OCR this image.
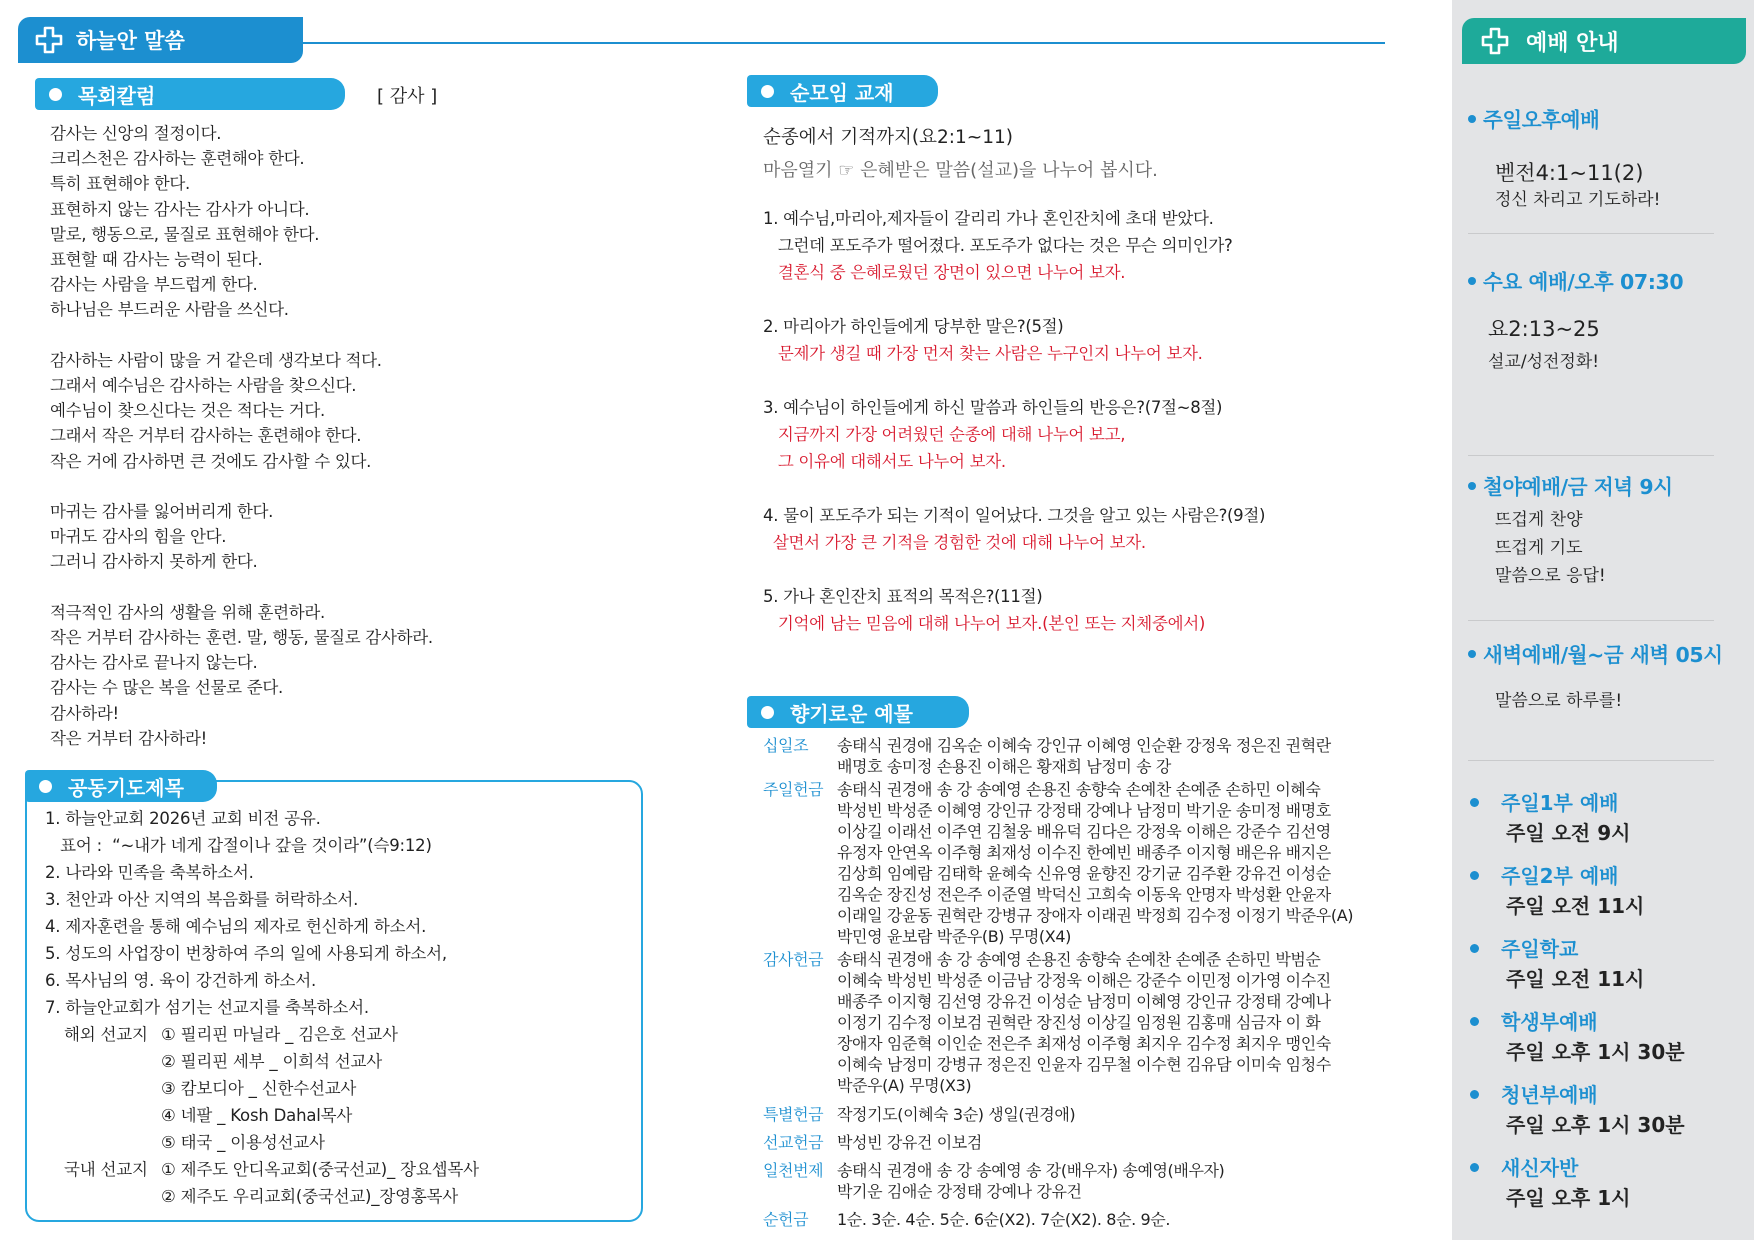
하늘안 말씀
목회칼럼	[ 감사 ]
감사는 신앙의 절정이다.
크리스천은 감사하는 훈련해야 한다.
특히 표현해야 한다.
표현하지 않는 감사는 감사가 아니다.
말로, 행동으로, 물질로 표현해야 한다.
표현할 때 감사는 능력이 된다.
감사는 사람을 부드럽게 한다.
하나님은 부드러운 사람을 쓰신다.
감사하는 사람이 많을 거 같은데 생각보다 적다.
그래서 예수님은 감사하는 사람을 찾으신다.
예수님이 찾으신다는 것은 적다는 거다.
그래서 작은 거부터 감사하는 훈련해야 한다.
작은 거에 감사하면 큰 것에도 감사할 수 있다.
마귀는 감사를 잃어버리게 한다.
마귀도 감사의 힘을 안다.
그러니 감사하지 못하게 한다.
적극적인 감사의 생활을 위해 훈련하라.
작은 거부터 감사하는 훈련. 말, 행동, 물질로 감사하라.
감사는 감사로 끝나지 않는다.
감사는 수 많은 복을 선물로 준다.
감사하라!
작은 거부터 감사하라!
공동기도제목
1. 하늘안교회 2026년 교회 비전 공유.
표어 :  “~내가 네게 갑절이나 갚을 것이라”(슥9:12)
2. 나라와 민족을 축복하소서.
3. 천안과 아산 지역의 복음화를 허락하소서.
4. 제자훈련을 통해 예수님의 제자로 헌신하게 하소서.
5. 성도의 사업장이 번창하여 주의 일에 사용되게 하소서,
6. 목사님의 영. 육이 강건하게 하소서.
7. 하늘안교회가 섬기는 선교지를 축복하소서.
해외 선교지 ① 필리핀 마닐라 _ 김은호 선교사
② 필리핀 세부 _ 이희석 선교사
③ 캄보디아 _ 신한수선교사
④ 네팔 _ Kosh Dahal목사
⑤ 태국 _ 이용성선교사
국내 선교지 ① 제주도 안디옥교회(중국선교)_ 장요셉목사
② 제주도 우리교회(중국선교)_장영홍목사
순모임 교재
순종에서 기적까지(요2:1~11)
마음열기 ☞ 은혜받은 말씀(설교)을 나누어 봅시다.
1. 예수님,마리아,제자들이 갈리리 가나 혼인잔치에 초대 받았다.
그런데 포도주가 떨어졌다. 포도주가 없다는 것은 무슨 의미인가?
결혼식 중 은혜로웠던 장면이 있으면 나누어 보자.
2. 마리아가 하인들에게 당부한 말은?(5절)
문제가 생길 때 가장 먼저 찾는 사람은 누구인지 나누어 보자.
3. 예수님이 하인들에게 하신 말씀과 하인들의 반응은?(7절~8절)
지금까지 가장 어려웠던 순종에 대해 나누어 보고,
그 이유에 대해서도 나누어 보자.
4. 물이 포도주가 되는 기적이 일어났다. 그것을 알고 있는 사람은?(9절)
살면서 가장 큰 기적을 경험한 것에 대해 나누어 보자.
5. 가나 혼인잔치 표적의 목적은?(11절)
기억에 남는 믿음에 대해 나누어 보자.(본인 또는 지체중에서)
향기로운 예물
십일조	송태식 권경애 김옥순 이혜숙 강인규 이혜영 인순환 강정욱 정은진 권혁란
배명호 송미정 손용진 이해은 황재희 남정미 송 강
주일헌금 송태식 권경애 송 강 송예영 손용진 송향숙 손예찬 손예준 손하민 이혜숙
박성빈 박성준 이혜영 강인규 강정태 강예나 남정미 박기운 송미정 배명호
이상길 이래선 이주연 김철웅 배유덕 김다은 강정욱 이해은 강준수 김선영
유정자 안연옥 이주형 최재성 이수진 한예빈 배종주 이지형 배은유 배지은
김상희 임예람 김태학 윤혜숙 신유영 윤향진 강기균 김주환 강유건 이성순
김옥순 장진성 전은주 이준열 박덕신 고희숙 이동욱 안명자 박성환 안윤자
이래일 강윤동 권혁란 강병규 장애자 이래권 박정희 김수정 이정기 박준우(A)
박민영 윤보람 박준우(B) 무명(X4)
감사헌금 송태식 권경애 송 강 송예영 손용진 송향숙 손예찬 손예준 손하민 박범순
이혜숙 박성빈 박성준 이금남 강정욱 이해은 강준수 이민정 이가영 이수진
배종주 이지형 김선영 강유건 이성순 남정미 이혜영 강인규 강정태 강예나
이정기 김수정 이보검 권혁란 장진성 이상길 임정원 김홍매 심금자 이 화
장애자 임준혁 이인순 전은주 최재성 이주형 최지우 김수정 최지우 맹인숙
이혜숙 남정미 강병규 정은진 인윤자 김무철 이수현 김유담 이미숙 임청수
박준우(A) 무명(X3)
특별헌금 작정기도(이혜숙 3순) 생일(권경애)
선교헌금 박성빈 강유건 이보검
일천번제 송태식 권경애 송 강 송예영 송 강(배우자) 송예영(배우자)
박기운 김애순 강정태 강예나 강유건
순헌금	1순. 3순. 4순. 5순. 6순(X2). 7순(X2). 8순. 9순.
예배 안내
주일오후예배
벧전4:1~11(2)
정신 차리고 기도하라!
수요 예배/오후 07:30
요2:13~25
설교/성전정화!
철야예배/금 저녁 9시
뜨겁게 찬양
뜨겁게 기도
말씀으로 응답!
새벽예배/월~금 새벽 05시
말씀으로 하루를!
주일1부 예배
주일 오전 9시
주일2부 예배
주일 오전 11시
주일학교
주일 오전 11시
학생부예배
주일 오후 1시 30분
청년부예배
주일 오후 1시 30분
새신자반
주일 오후 1시
